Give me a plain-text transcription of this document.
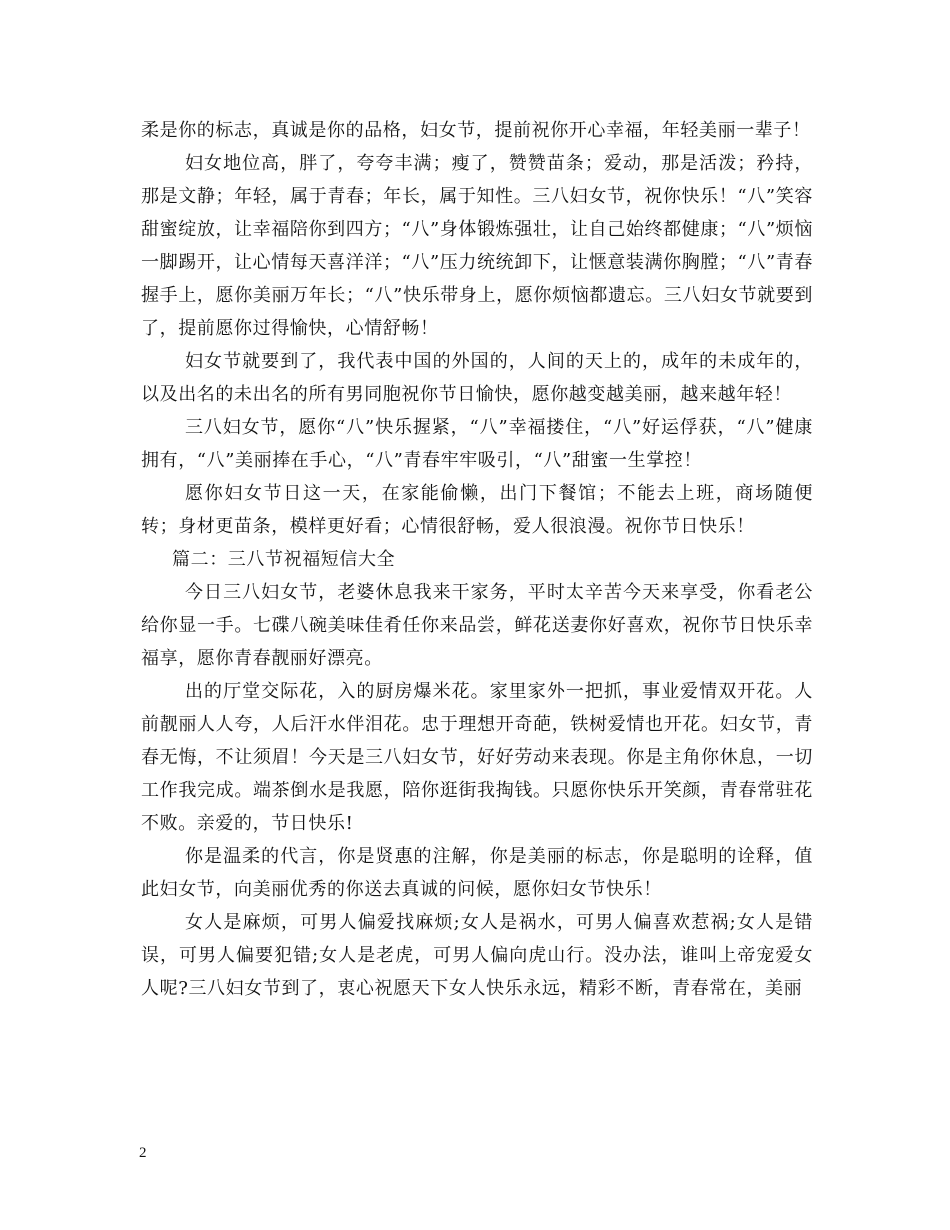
柔是你的标志，真诚是你的品格，妇女节，提前祝你开心幸福，年轻美丽一辈子！

妇女地位高，胖了，夸夸丰满；瘦了，赞赞苗条；爱动，那是活泼；矜持，那是文静；年轻，属于青春；年长，属于知性。三八妇女节，祝你快乐！“八”笑容甜蜜绽放，让幸福陪你到四方；“八”身体锻炼强壮，让自己始终都健康；“八”烦恼一脚踢开，让心情每天喜洋洋；“八”压力统统卸下，让惬意装满你胸膛；“八”青春握手上，愿你美丽万年长；“八”快乐带身上，愿你烦恼都遗忘。三八妇女节就要到了，提前愿你过得愉快，心情舒畅！

妇女节就要到了，我代表中国的外国的，人间的天上的，成年的未成年的，以及出名的未出名的所有男同胞祝你节日愉快，愿你越变越美丽，越来越年轻！

三八妇女节，愿你“八”快乐握紧，“八”幸福搂住，“八”好运俘获，“八”健康拥有，“八”美丽捧在手心，“八”青春牢牢吸引，“八”甜蜜一生掌控！

愿你妇女节日这一天，在家能偷懒，出门下餐馆；不能去上班，商场随便转；身材更苗条，模样更好看；心情很舒畅，爱人很浪漫。祝你节日快乐！

篇二：三八节祝福短信大全

今日三八妇女节，老婆休息我来干家务，平时太辛苦今天来享受，你看老公给你显一手。七碟八碗美味佳肴任你来品尝，鲜花送妻你好喜欢，祝你节日快乐幸福享，愿你青春靓丽好漂亮。

出的厅堂交际花，入的厨房爆米花。家里家外一把抓，事业爱情双开花。人前靓丽人人夸，人后汗水伴泪花。忠于理想开奇葩，铁树爱情也开花。妇女节，青春无悔，不让须眉！今天是三八妇女节，好好劳动来表现。你是主角你休息，一切工作我完成。端茶倒水是我愿，陪你逛街我掏钱。只愿你快乐开笑颜，青春常驻花不败。亲爱的，节日快乐!

你是温柔的代言，你是贤惠的注解，你是美丽的标志，你是聪明的诠释，值此妇女节，向美丽优秀的你送去真诚的问候，愿你妇女节快乐！

女人是麻烦，可男人偏爱找麻烦;女人是祸水，可男人偏喜欢惹祸;女人是错误，可男人偏要犯错;女人是老虎，可男人偏向虎山行。没办法，谁叫上帝宠爱女人呢?三八妇女节到了，衷心祝愿天下女人快乐永远，精彩不断，青春常在，美丽

2
